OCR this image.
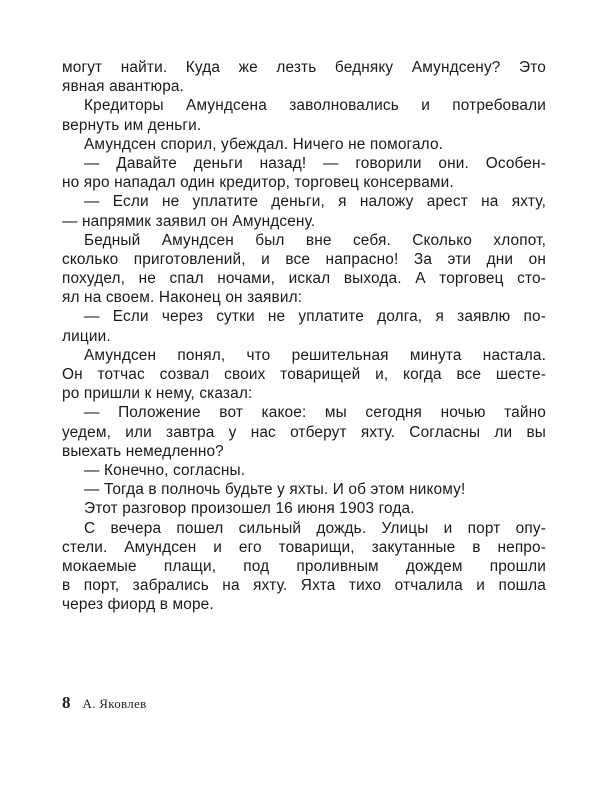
могут найти. Куда же лезть бедняку Амундсену? Это
явная авантюра.
Кредиторы Амундсена заволновались и потребовали
вернуть им деньги.
Амундсен спорил, убеждал. Ничего не помогало.
— Давайте деньги назад! — говорили они. Особен-
но яро нападал один кредитор, торговец консервами.
— Если не уплатите деньги, я наложу арест на яхту,
— напрямик заявил он Амундсену.
Бедный Амундсен был вне себя. Сколько хлопот,
сколько приготовлений, и все напрасно! За эти дни он
похудел, не спал ночами, искал выхода. А торговец сто-
ял на своем. Наконец он заявил:
— Если через сутки не уплатите долга, я заявлю по-
лиции.
Амундсен понял, что решительная минута настала.
Он тотчас созвал своих товарищей и, когда все шесте-
ро пришли к нему, сказал:
— Положение вот какое: мы сегодня ночью тайно
уедем, или завтра у нас отберут яхту. Согласны ли вы
выехать немедленно?
— Конечно, согласны.
— Тогда в полночь будьте у яхты. И об этом никому!
Этот разговор произошел 16 июня 1903 года.
С вечера пошел сильный дождь. Улицы и порт опу-
стели. Амундсен и его товарищи, закутанные в непро-
мокаемые плащи, под проливным дождем прошли
в порт, забрались на яхту. Яхта тихо отчалила и пошла
через фиорд в море.
8 А. Яковлев
